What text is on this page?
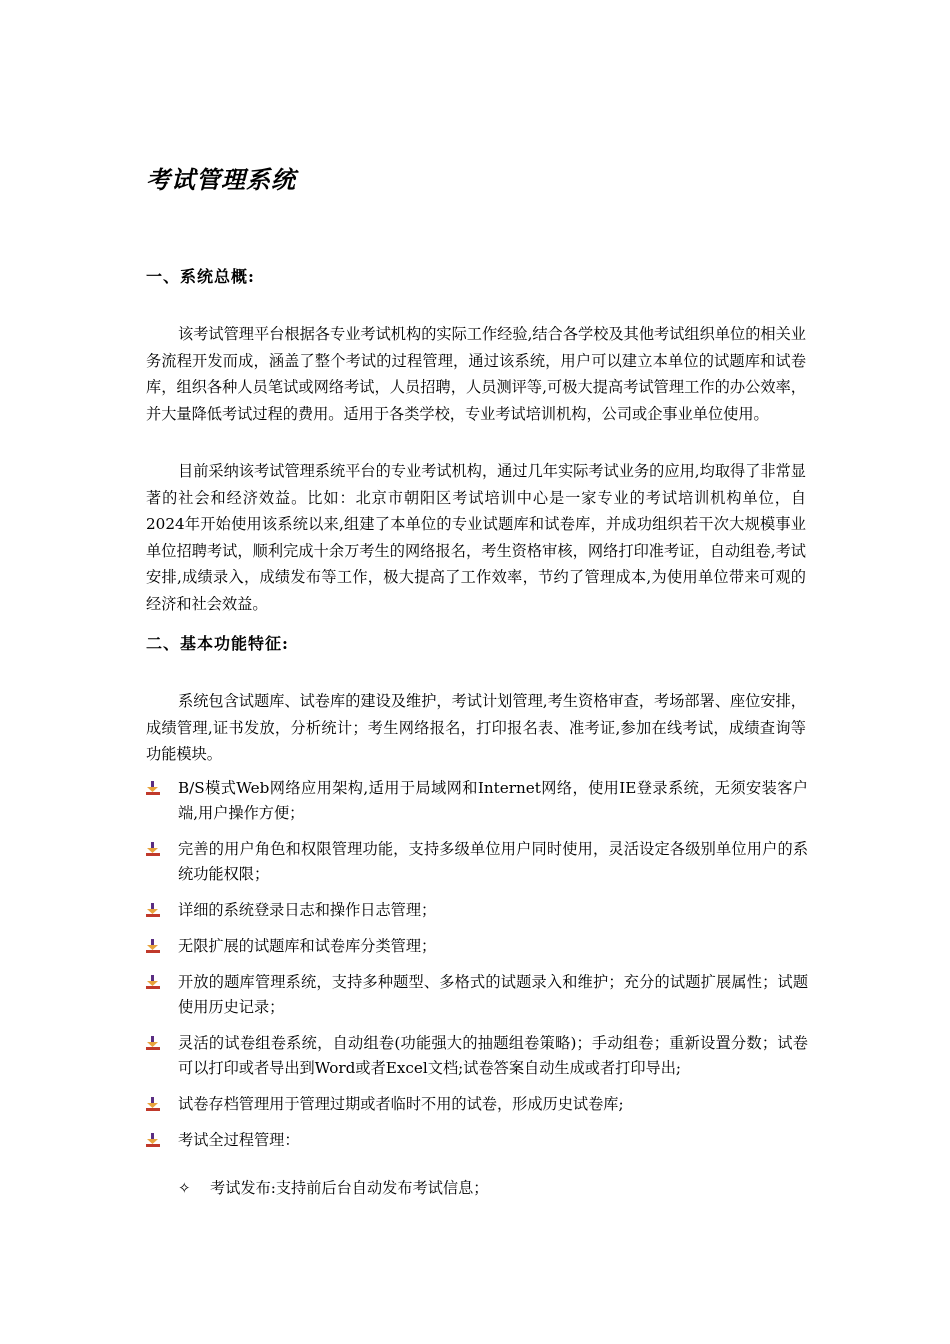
考试管理系统
一、系统总概:
该考试管理平台根据各专业考试机构的实际工作经验,结合各学校及其他考试组织单位的相关业务流程开发而成，涵盖了整个考试的过程管理，通过该系统，用户可以建立本单位的试题库和试卷库，组织各种人员笔试或网络考试，人员招聘，人员测评等,可极大提高考试管理工作的办公效率，并大量降低考试过程的费用。适用于各类学校，专业考试培训机构，公司或企事业单位使用。
目前采纳该考试管理系统平台的专业考试机构，通过几年实际考试业务的应用,均取得了非常显著的社会和经济效益。比如：北京市朝阳区考试培训中心是一家专业的考试培训机构单位，自2024年开始使用该系统以来,组建了本单位的专业试题库和试卷库，并成功组织若干次大规模事业单位招聘考试，顺利完成十余万考生的网络报名，考生资格审核，网络打印准考证，自动组卷,考试安排,成绩录入，成绩发布等工作，极大提高了工作效率，节约了管理成本,为使用单位带来可观的经济和社会效益。
二、基本功能特征:
系统包含试题库、试卷库的建设及维护，考试计划管理,考生资格审查，考场部署、座位安排，成绩管理,证书发放，分析统计；考生网络报名，打印报名表、准考证,参加在线考试，成绩查询等功能模块。
B/S模式Web网络应用架构,适用于局域网和Internet网络，使用IE登录系统，无须安装客户端,用户操作方便；
完善的用户角色和权限管理功能，支持多级单位用户同时使用，灵活设定各级别单位用户的系统功能权限；
详细的系统登录日志和操作日志管理；
无限扩展的试题库和试卷库分类管理；
开放的题库管理系统，支持多种题型、多格式的试题录入和维护；充分的试题扩展属性；试题使用历史记录；
灵活的试卷组卷系统，自动组卷(功能强大的抽题组卷策略)；手动组卷；重新设置分数；试卷可以打印或者导出到Word或者Excel文档;试卷答案自动生成或者打印导出;
试卷存档管理用于管理过期或者临时不用的试卷，形成历史试卷库;
考试全过程管理：
✧ 考试发布:支持前后台自动发布考试信息；
